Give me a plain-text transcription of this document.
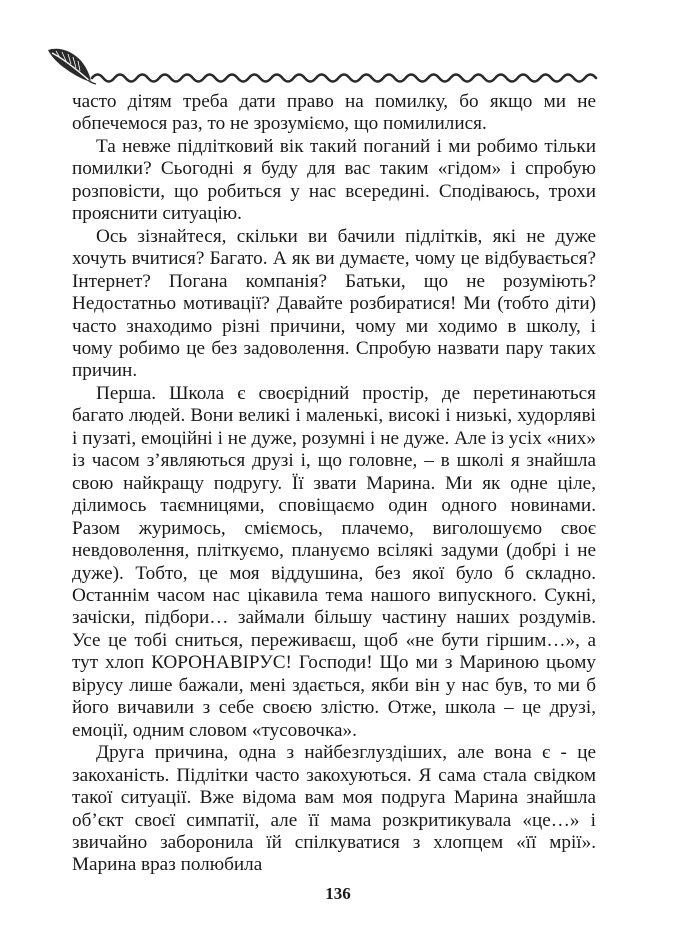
часто дітям треба дати право на помилку, бо якщо ми не обпечемося раз, то не зрозуміємо, що помилилися.

Та невже підлітковий вік такий поганий і ми робимо тільки помилки? Сьогодні я буду для вас таким «гідом» і спробую розповісти, що робиться у нас всередині. Сподіваюсь, трохи прояснити ситуацію.

Ось зізнайтеся, скільки ви бачили підлітків, які не дуже хочуть вчитися? Багато. А як ви думаєте, чому це відбувається? Інтернет? Погана компанія? Батьки, що не розуміють? Недостатньо мотивації? Давайте розбиратися! Ми (тобто діти) часто знаходимо різні причини, чому ми ходимо в школу, і чому робимо це без задоволення. Спробую назвати пару таких причин.

Перша. Школа є своєрідний простір, де перетинаються багато людей. Вони великі і маленькі, високі і низькі, худорляві і пузаті, емоційні і не дуже, розумні і не дуже. Але із усіх «них» із часом з’являються друзі і, що головне, – в школі я знайшла свою найкращу подругу. Її звати Марина. Ми як одне ціле, ділимось таємницями, сповіщаємо один одного новинами. Разом журимось, сміємось, плачемо, виголошуємо своє невдоволення, пліткуємо, плануємо всілякі задуми (добрі і не дуже). Тобто, це моя віддушина, без якої було б складно. Останнім часом нас цікавила тема нашого випускного. Сукні, зачіски, підбори… займали більшу частину наших роздумів. Усе це тобі сниться, переживаєш, щоб «не бути гіршим…», а тут хлоп КОРОНАВІРУС! Господи! Що ми з Мариною цьому вірусу лише бажали, мені здається, якби він у нас був, то ми б його вичавили з себе своєю злістю. Отже, школа – це друзі, емоції, одним словом «тусовочка».

Друга причина, одна з найбезглуздіших, але вона є - це закоханість. Підлітки часто закохуються. Я сама стала свідком такої ситуації. Вже відома вам моя подруга Марина знайшла об’єкт своєї симпатії, але її мама розкритикувала «це…» і звичайно заборонила їй спілкуватися з хлопцем «її мрії». Марина враз полюбила

136
